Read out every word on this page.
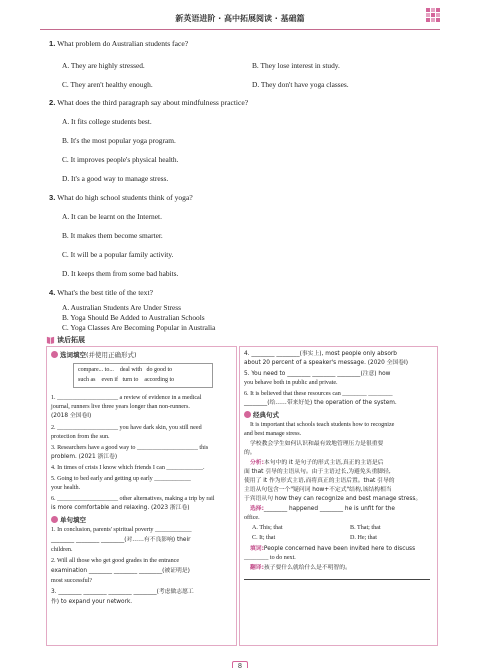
新英语进阶 · 高中拓展阅读 · 基础篇
1. What problem do Australian students face?
A. They are highly stressed.	B. They lose interest in study.
C. They aren't healthy enough.	D. They don't have yoga classes.
2. What does the third paragraph say about mindfulness practice?
A. It fits college students best.
B. It's the most popular yoga program.
C. It improves people's physical health.
D. It's a good way to manage stress.
3. What do high school students think of yoga?
A. It can be learnt on the Internet.
B. It makes them become smarter.
C. It will be a popular family activity.
D. It keeps them from some bad habits.
4. What's the best title of the text?
A. Australian Students Are Under Stress
B. Yoga Should Be Added to Australian Schools
C. Yoga Classes Are Becoming Popular in Australia
读后拓展
选词填空(并使用正确形式)
compare... to...    deal with   do good to
such as    even if   turn to    according to
1. ____________________ a review of evidence in a medical
journal, runners live three years longer than non-runners.
(2018 全国卷Ⅰ)
2. ____________________ you have dark skin, you still need
protection from the sun.
3. Researchers have a good way to ____________________ this
problem. (2021 浙江卷)
4. In times of crisis I know which friends I can ____________.
5. Going to bed early and getting up early ____________
your health.
6. ____________________ other alternatives, making a trip by rail
is more comfortable and relaxing. (2023 浙江卷)
单句填空
1. In conclusion, parents' spiritual poverty ____________
________ ________ ________(对……有不良影响) their
children.
2. Will all those who get good grades in the entrance
examination ________ ________ ________(被证明是)
most successful?
3. ________ ________ ________ ________(考虑做志愿工
作) to expand your network.
4. ________ ________(事实上), most people only absorb
about 20 percent of a speaker's message. (2020 全国卷Ⅰ)
5. You need to ________ ________ ________(注意) how
you behave both in public and private.
6. It is believed that these resources can ________ ________
________(给……带来好处) the operation of the system.
经典句式
It is important that schools teach students how to recognize
and best manage stress.
学校教会学生如何认识和最有效地管理压力是很重要
的。
分析:本句中的 it 是句子的形式主语,真正的主语是后
面 that 引导的主语从句。由于主语过长,为避免头重脚轻,
使用了 it 作为形式主语,而将真正的主语后置。that 引导的
主语从句包含一个"疑问词 how+不定式"结构,该结构相当
于宾语从句 how they can recognize and best manage stress。
选择:________ happened ________ he is unfit for the
office.
A. This; that	B. That; that
C. It; that	D. He; that
填词:People concerned have been invited here to discuss
________ to do next.
翻译:孩子要什么就给什么是不明智的。
8
